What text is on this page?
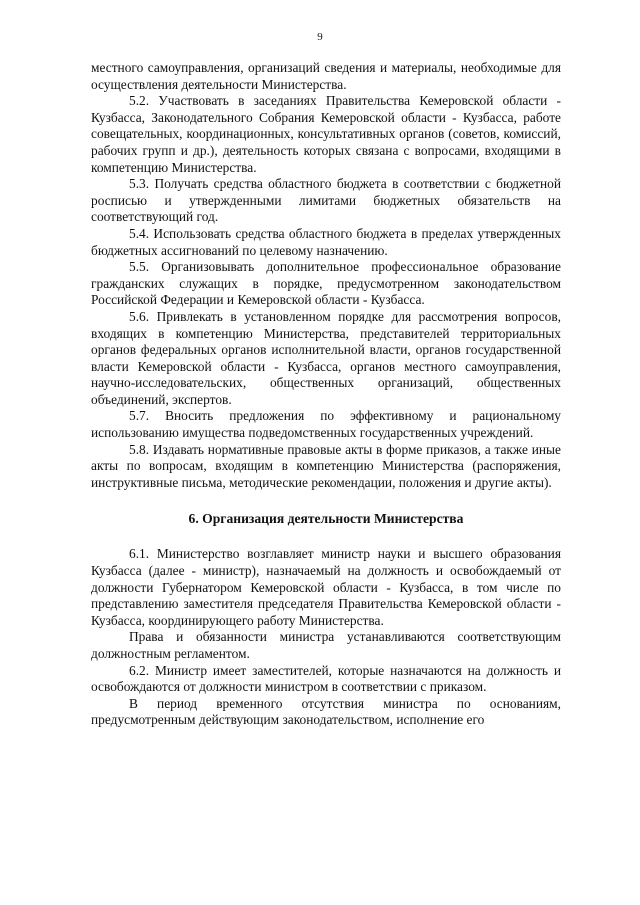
9

местного самоуправления, организаций сведения и материалы, необходимые для осуществления деятельности Министерства.

5.2. Участвовать в заседаниях Правительства Кемеровской области - Кузбасса, Законодательного Собрания Кемеровской области - Кузбасса, работе совещательных, координационных, консультативных органов (советов, комиссий, рабочих групп и др.), деятельность которых связана с вопросами, входящими в компетенцию Министерства.

5.3. Получать средства областного бюджета в соответствии с бюджетной росписью и утвержденными лимитами бюджетных обязательств на соответствующий год.

5.4. Использовать средства областного бюджета в пределах утвержденных бюджетных ассигнований по целевому назначению.

5.5. Организовывать дополнительное профессиональное образование гражданских служащих в порядке, предусмотренном законодательством Российской Федерации и Кемеровской области - Кузбасса.

5.6. Привлекать в установленном порядке для рассмотрения вопросов, входящих в компетенцию Министерства, представителей территориальных органов федеральных органов исполнительной власти, органов государственной власти Кемеровской области - Кузбасса, органов местного самоуправления, научно-исследовательских, общественных организаций, общественных объединений, экспертов.

5.7. Вносить предложения по эффективному и рациональному использованию имущества подведомственных государственных учреждений.

5.8. Издавать нормативные правовые акты в форме приказов, а также иные акты по вопросам, входящим в компетенцию Министерства (распоряжения, инструктивные письма, методические рекомендации, положения и другие акты).

6. Организация деятельности Министерства

6.1. Министерство возглавляет министр науки и высшего образования Кузбасса (далее - министр), назначаемый на должность и освобождаемый от должности Губернатором Кемеровской области - Кузбасса, в том числе по представлению заместителя председателя Правительства Кемеровской области - Кузбасса, координирующего работу Министерства.

Права и обязанности министра устанавливаются соответствующим должностным регламентом.

6.2. Министр имеет заместителей, которые назначаются на должность и освобождаются от должности министром в соответствии с приказом.

В период временного отсутствия министра по основаниям, предусмотренным действующим законодательством, исполнение его
